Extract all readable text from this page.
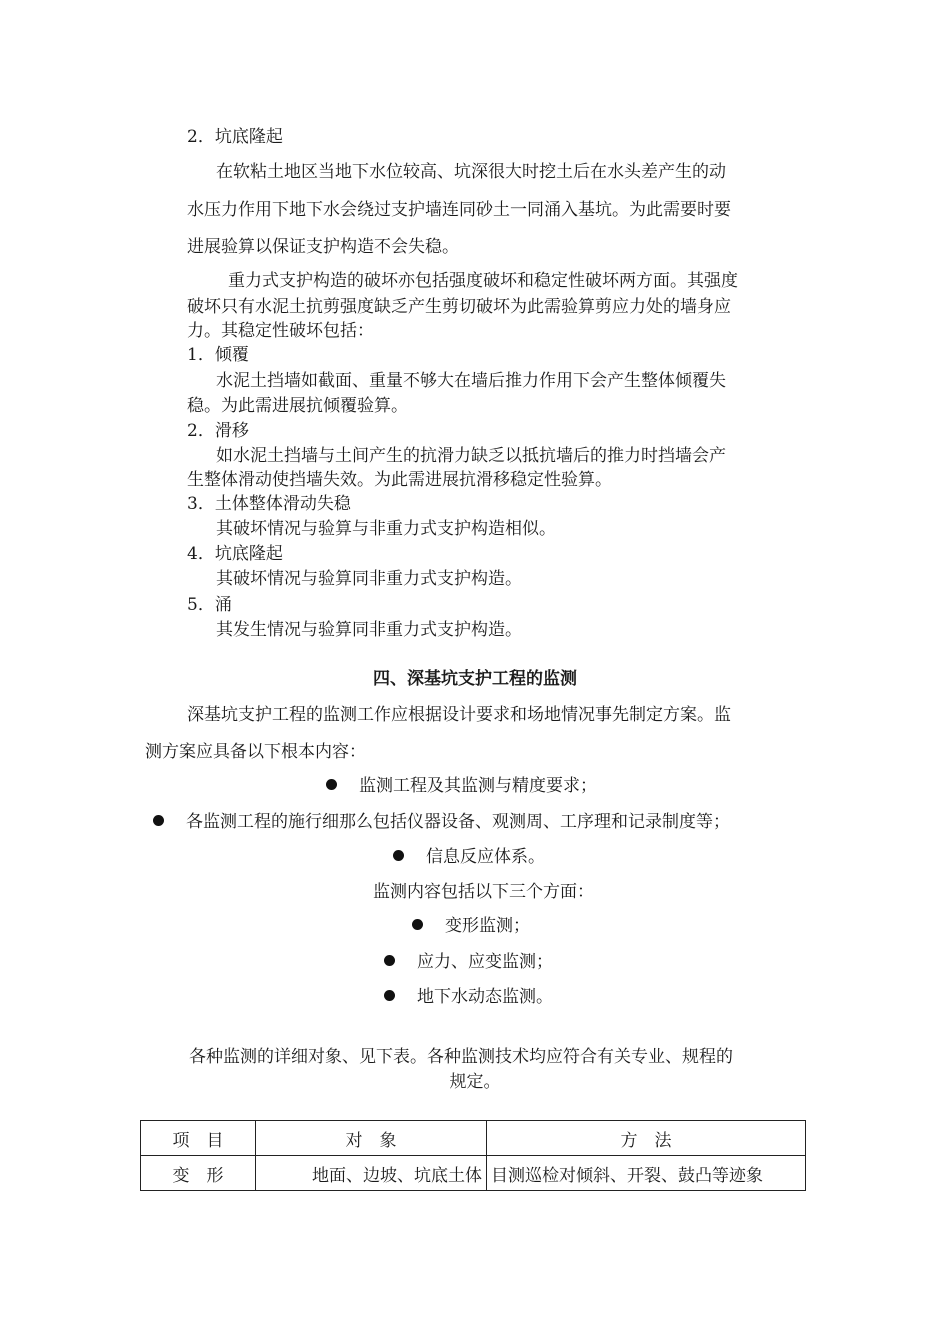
2．坑底隆起
在软粘土地区当地下水位较高、坑深很大时挖土后在水头差产生的动
水压力作用下地下水会绕过支护墙连同砂土一同涌入基坑。为此需要时要
进展验算以保证支护构造不会失稳。
重力式支护构造的破坏亦包括强度破坏和稳定性破坏两方面。其强度
破坏只有水泥土抗剪强度缺乏产生剪切破坏为此需验算剪应力处的墙身应
力。其稳定性破坏包括：
1．倾覆
水泥土挡墙如截面、重量不够大在墙后推力作用下会产生整体倾覆失
稳。为此需进展抗倾覆验算。
2．滑移
如水泥土挡墙与土间产生的抗滑力缺乏以抵抗墙后的推力时挡墙会产
生整体滑动使挡墙失效。为此需进展抗滑移稳定性验算。
3．土体整体滑动失稳
其破坏情况与验算与非重力式支护构造相似。
4．坑底隆起
其破坏情况与验算同非重力式支护构造。
5．涌
其发生情况与验算同非重力式支护构造。
四、深基坑支护工程的监测
深基坑支护工程的监测工作应根据设计要求和场地情况事先制定方案。监
测方案应具备以下根本内容：
监测工程及其监测与精度要求；
各监测工程的施行细那么包括仪器设备、观测周、工序理和记录制度等；
信息反应体系。
监测内容包括以下三个方面：
变形监测；
应力、应变监测；
地下水动态监测。
各种监测的详细对象、见下表。各种监测技术均应符合有关专业、规程的
规定。
项　目	对　象	方　法
变　形	地面、边坡、坑底土体	目测巡检对倾斜、开裂、鼓凸等迹象
